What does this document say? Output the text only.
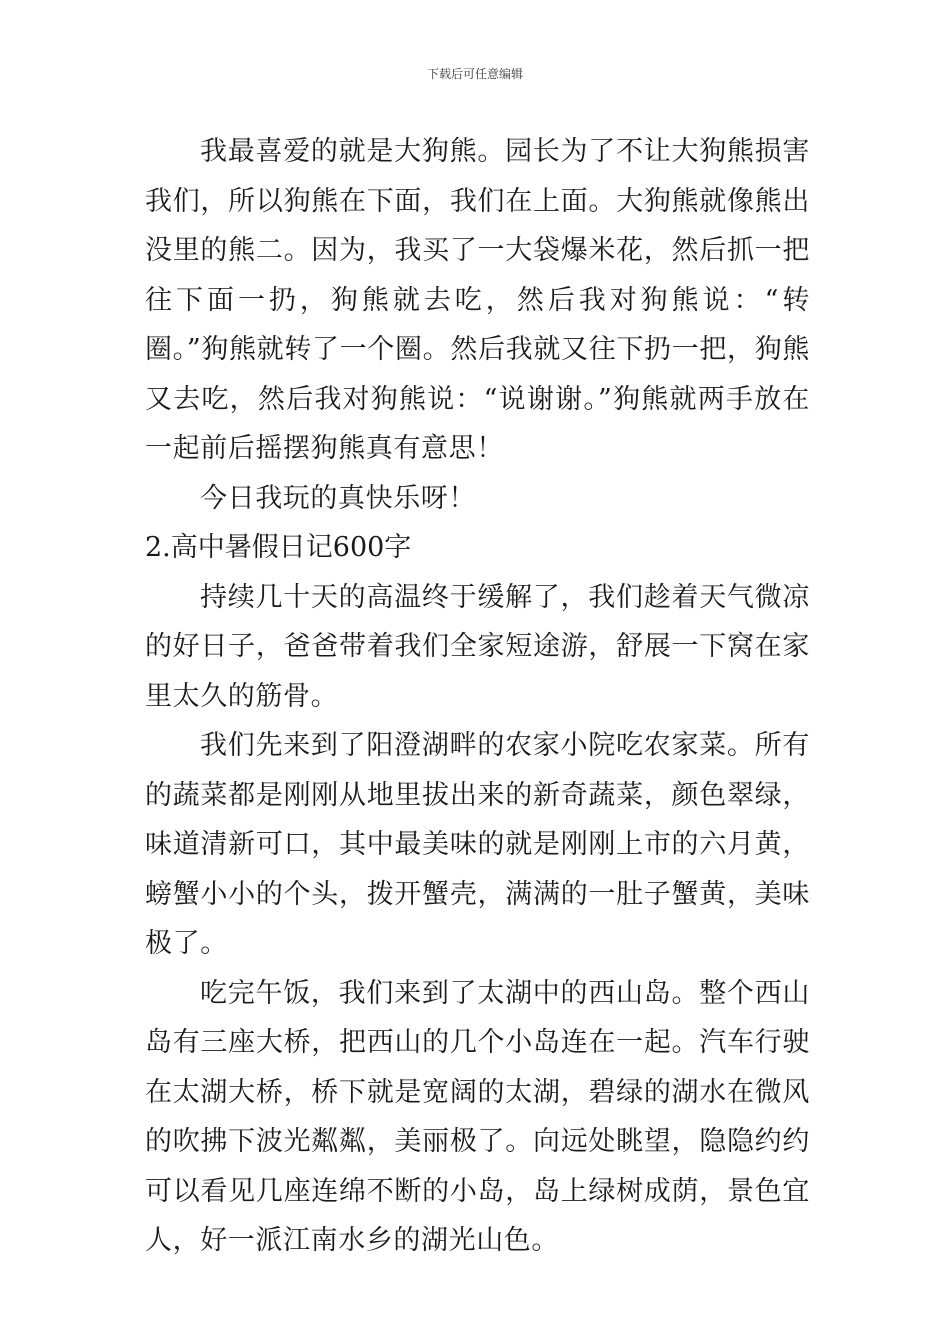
下载后可任意编辑

我最喜爱的就是大狗熊。园长为了不让大狗熊损害我们，所以狗熊在下面，我们在上面。大狗熊就像熊出没里的熊二。因为，我买了一大袋爆米花，然后抓一把往下面一扔，狗熊就去吃，然后我对狗熊说：“转圈。”狗熊就转了一个圈。然后我就又往下扔一把，狗熊又去吃，然后我对狗熊说：“说谢谢。”狗熊就两手放在一起前后摇摆狗熊真有意思！

今日我玩的真快乐呀！

2.高中暑假日记600字

持续几十天的高温终于缓解了，我们趁着天气微凉的好日子，爸爸带着我们全家短途游，舒展一下窝在家里太久的筋骨。

我们先来到了阳澄湖畔的农家小院吃农家菜。所有的蔬菜都是刚刚从地里拔出来的新奇蔬菜，颜色翠绿，味道清新可口，其中最美味的就是刚刚上市的六月黄，螃蟹小小的个头，拨开蟹壳，满满的一肚子蟹黄，美味极了。

吃完午饭，我们来到了太湖中的西山岛。整个西山岛有三座大桥，把西山的几个小岛连在一起。汽车行驶在太湖大桥，桥下就是宽阔的太湖，碧绿的湖水在微风的吹拂下波光粼粼，美丽极了。向远处眺望，隐隐约约可以看见几座连绵不断的小岛，岛上绿树成荫，景色宜人，好一派江南水乡的湖光山色。
